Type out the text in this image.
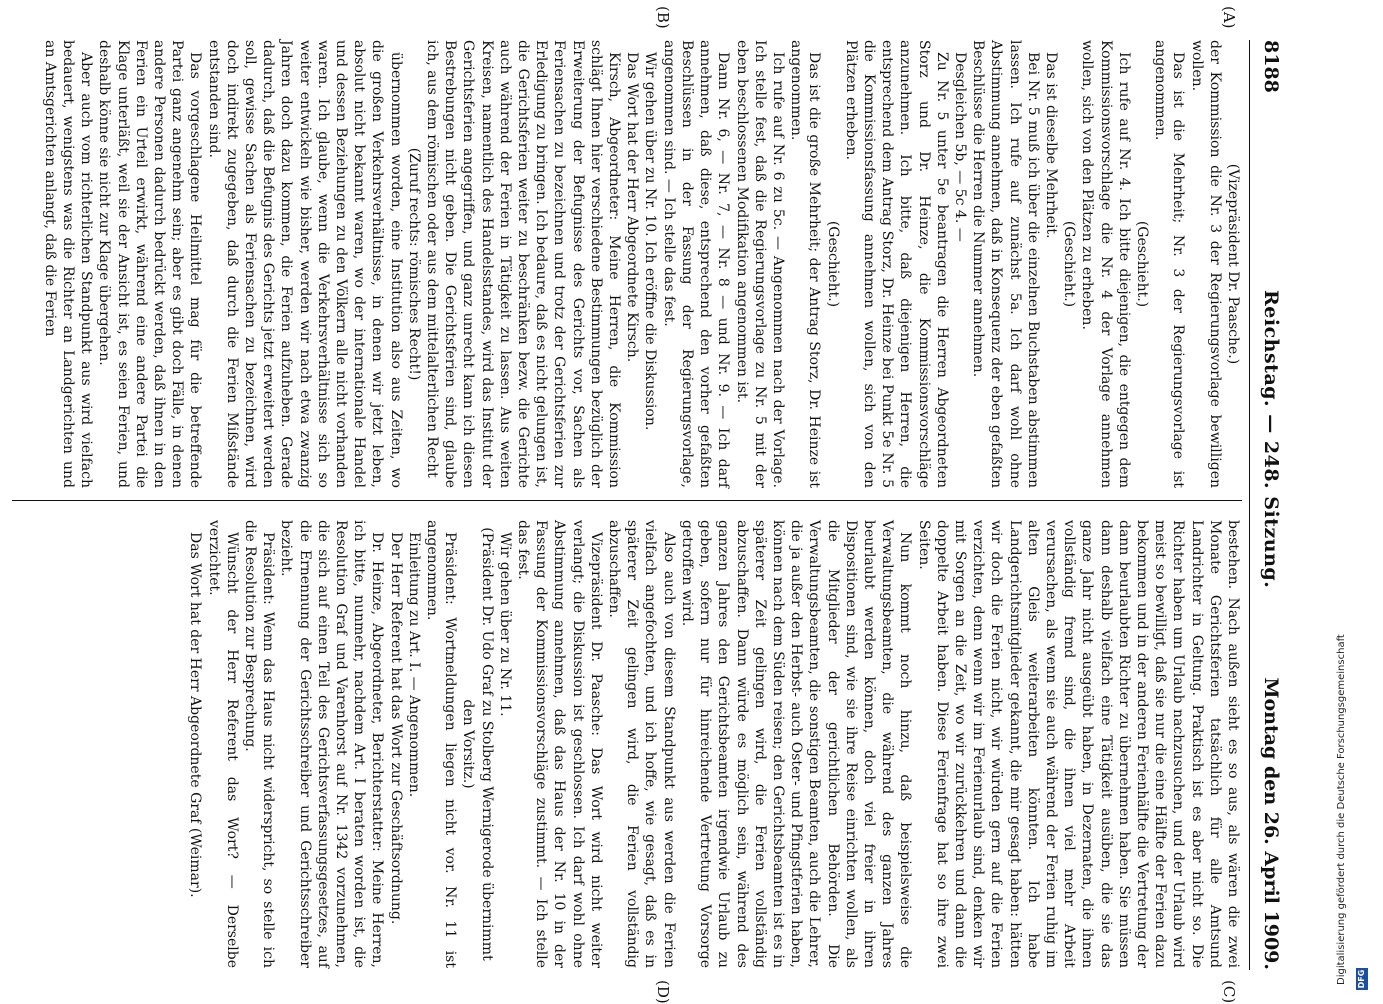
8188
Reichstag. — 248. Sitzung.
Montag den 26. April 1909.
(A)
(B)
(C)
(D)

(Vizepräsident Dr. Paasche.)

der Kommission die Nr. 3 der Regierungsvorlage bewilligen wollen.

Das ist die Mehrheit; Nr. 3 der Regierungsvorlage ist angenommen.

(Geschieht.)

Ich rufe auf Nr. 4. Ich bitte diejenigen, die entgegen dem Kommissionsvorschlage die Nr. 4 der Vorlage annehmen wollen, sich von den Plätzen zu erheben.

(Geschieht.)

Das ist dieselbe Mehrheit.

Bei Nr. 5 muß ich über die einzelnen Buchstaben abstimmen lassen. Ich rufe auf zunächst 5a. Ich darf wohl ohne Abstimmung annehmen, daß in Konsequenz der eben gefaßten Beschlüsse die Herren die Nummer annehmen.

Desgleichen 5b, — 5c 4. —

Zu Nr. 5 unter 5e beantragen die Herren Abgeordneten Storz und Dr. Heinze, die Kommissionsvorschläge anzunehmen. Ich bitte, daß diejenigen Herren, die entsprechend dem Antrag Storz, Dr. Heinze bei Punkt 5e Nr. 5 die Kommissionsfassung annehmen wollen, sich von den Plätzen erheben.

(Geschieht.)

Das ist die große Mehrheit; der Antrag Storz, Dr. Heinze ist angenommen.

Ich rufe auf Nr. 6 zu 5c. — Angenommen nach der Vorlage. Ich stelle fest, daß die Regierungsvorlage zu Nr. 5 mit der eben beschlossenen Modifikation angenommen ist.

Dann Nr. 6, — Nr. 7, — Nr. 8 — und Nr. 9. — Ich darf annehmen, daß diese, entsprechend den vorher gefaßten Beschlüssen in der Fassung der Regierungsvorlage, angenommen sind. — Ich stelle das fest.

Wir gehen über zu Nr. 10. Ich eröffne die Diskussion.

Das Wort hat der Herr Abgeordnete Kirsch.

Kirsch, Abgeordneter: Meine Herren, die Kommission schlägt Ihnen hier verschiedene Bestimmungen bezüglich der Erweiterung der Befugnisse des Gerichts vor, Sachen als Feriensachen zu bezeichnen und trotz der Gerichtsferien zur Erledigung zu bringen. Ich bedaure, daß es nicht gelungen ist, die Gerichtsferien weiter zu beschränken bezw. die Gerichte auch während der Ferien in Tätigkeit zu lassen. Aus weiten Kreisen, namentlich des Handelsstandes, wird das Institut der Gerichtsferien angegriffen, und ganz unrecht kann ich diesen Bestrebungen nicht geben. Die Gerichtsferien sind, glaube ich, aus dem römischen oder aus dem mittelalterlichen Recht

(Zuruf rechts: römisches Recht!)

übernommen worden, eine Institution also aus Zeiten, wo die großen Verkehrsverhältnisse, in denen wir jetzt leben, absolut nicht bekannt waren, wo der internationale Handel und dessen Beziehungen zu den Völkern alle nicht vorhanden waren. Ich glaube, wenn die Verkehrsverhältnisse sich so weiter entwickeln wie bisher, werden wir nach etwa zwanzig Jahren doch dazu kommen, die Ferien aufzuheben. Gerade dadurch, daß die Befugnis des Gerichts jetzt erweitert werden soll, gewisse Sachen als Feriensachen zu bezeichnen, wird doch indirekt zugegeben, daß durch die Ferien Mißstände entstanden sind.

Das vorgeschlagene Heilmittel mag für die betreffende Partei ganz angenehm sein; aber es gibt doch Fälle, in denen andere Personen dadurch bedrückt werden, daß ihnen in den Ferien ein Urteil erwirkt, während eine andere Partei die Klage unterläßt, weil sie der Ansicht ist, es seien Ferien, und deshalb könne sie nicht zur Klage übergehen.

Aber auch vom richterlichen Standpunkt aus wird vielfach bedauert, wenigstens was die Richter an Landgerichten und an Amtsgerichten anlangt, daß die Ferien

bestehen. Nach außen sieht es so aus, als wären die zwei Monate Gerichtsferien tatsächlich für alle Amtsund Landrichter in Geltung. Praktisch ist es aber nicht so. Die Richter haben um Urlaub nachzusuchen, und der Urlaub wird meist so bewilligt, daß sie nur die eine Hälfte der Ferien dazu bekommen und in der anderen Ferienhälfte die Vertretung der dann beurlaubten Richter zu übernehmen haben. Sie müssen dann deshalb vielfach eine Tätigkeit ausüben, die sie das ganze Jahr nicht ausgeübt haben, in Dezernaten, die ihnen vollständig fremd sind, die ihnen viel mehr Arbeit verursachen, als wenn sie auch während der Ferien ruhig im alten Gleis weiterarbeiten könnten. Ich habe Landgerichtsmitglieder gekannt, die mir gesagt haben: hätten wir doch die Ferien nicht, wir würden gern auf die Ferien verzichten, denn wenn wir im Ferienurlaub sind, denken wir mit Sorgen an die Zeit, wo wir zurückkehren und dann die doppelte Arbeit haben. Diese Ferienfrage hat so ihre zwei Seiten.

Nun kommt noch hinzu, daß beispielsweise die Verwaltungsbeamten, die während des ganzen Jahres beurlaubt werden können, doch viel freier in ihren Dispositionen sind, wie sie ihre Reise einrichten wollen, als die Mitglieder der gerichtlichen Behörden. Die Verwaltungsbeamten, die sonstigen Beamten, auch die Lehrer, die ja außer den Herbst- auch Oster- und Pfingstferien haben, können nach dem Süden reisen; den Gerichtsbeamten ist es in späterer Zeit gelingen wird, die Ferien vollständig abzuschaffen. Dann würde es möglich sein, während des ganzen Jahres den Gerichtsbeamten irgendwie Urlaub zu geben, sofern nur für hinreichende Vertretung Vorsorge getroffen wird.

Also auch von diesem Standpunkt aus werden die Ferien vielfach angefochten, und ich hoffe, wie gesagt, daß es in späterer Zeit gelingen wird, die Ferien vollständig abzuschaffen.

Vizepräsident Dr. Paasche: Das Wort wird nicht weiter verlangt; die Diskussion ist geschlossen. Ich darf wohl ohne Abstimmung annehmen, daß das Haus der Nr. 10 in der Fassung der Kommissionsvorschläge zustimmt. — Ich stelle das fest.

Wir gehen über zu Nr. 11.

(Präsident Dr. Udo Graf zu Stolberg Wernigerode übernimmt den Vorsitz.)

Präsident: Wortmeldungen liegen nicht vor. Nr. 11 ist angenommen.

Einleitung zu Art. I. — Angenommen.

Der Herr Referent hat das Wort zur Geschäftsordnung.

Dr. Heinze, Abgeordneter, Berichterstatter: Meine Herren, ich bitte, nunmehr, nachdem Art. I beraten worden ist, die Resolution Graf und Varenhorst auf Nr. 1342 vorzunehmen, die sich auf einen Teil des Gerichtsverfassungsgesetzes, auf die Ernennung der Gerichtsschreiber und Gerichtsschreiber bezieht.

Präsident: Wenn das Haus nicht widerspricht, so stelle ich die Resolution zur Besprechung.

Wünscht der Herr Referent das Wort? — Derselbe verzichtet.

Das Wort hat der Herr Abgeordnete Graf (Weimar).	Digitalisierung gefördert durch die Deutsche Forschungsgemeinschaft DFG
